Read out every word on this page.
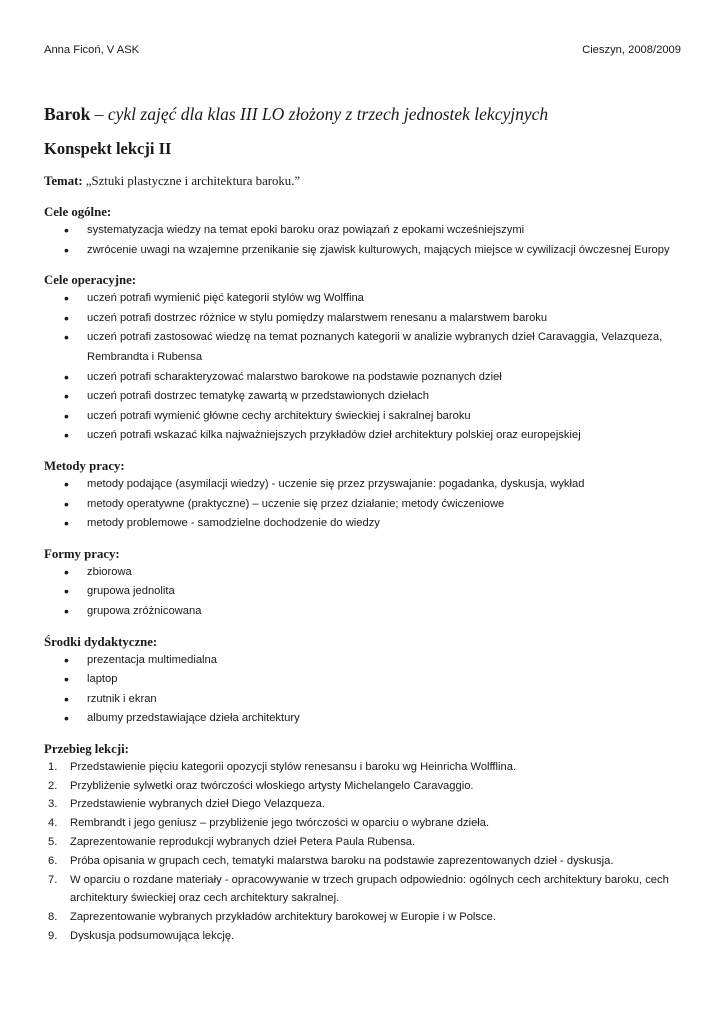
Anna Ficoń, V ASK	Cieszyn, 2008/2009
Barok – cykl zajęć dla klas III LO złożony z trzech jednostek lekcyjnych
Konspekt lekcji II
Temat: „Sztuki plastyczne i architektura baroku.”
Cele ogólne:
• systematyzacja wiedzy na temat epoki baroku oraz powiązań z epokami wcześniejszymi
• zwrócenie uwagi na wzajemne przenikanie się zjawisk kulturowych, mających miejsce w cywilizacji ówczesnej Europy
Cele operacyjne:
• uczeń potrafi wymienić pięć kategorii stylów wg Wolffina
• uczeń potrafi dostrzec różnice w stylu pomiędzy malarstwem renesanu a malarstwem baroku
• uczeń potrafi zastosować wiedzę na temat poznanych kategorii w analizie wybranych dzieł Caravaggia, Velazqueza, Rembrandta i Rubensa
• uczeń potrafi scharakteryzować malarstwo barokowe na podstawie poznanych dzieł
• uczeń potrafi dostrzec tematykę zawartą w przedstawionych dziełach
• uczeń potrafi wymienić główne cechy architektury świeckiej i sakralnej baroku
• uczeń potrafi wskazać kilka najważniejszych przykładów dzieł architektury polskiej oraz europejskiej
Metody pracy:
• metody podające (asymilacji wiedzy) - uczenie się przez przyswajanie: pogadanka, dyskusja, wykład
• metody operatywne (praktyczne) – uczenie się przez działanie; metody ćwiczeniowe
• metody problemowe - samodzielne dochodzenie do wiedzy
Formy pracy:
• zbiorowa
• grupowa jednolita
• grupowa zróżnicowana
Środki dydaktyczne:
• prezentacja multimedialna
• laptop
• rzutnik i ekran
• albumy przedstawiające dzieła architektury
Przebieg lekcji:
1. Przedstawienie pięciu kategorii opozycji stylów renesansu i baroku wg Heinricha Wolfflina.
2. Przybliżenie sylwetki oraz twórczości włoskiego artysty Michelangelo Caravaggio.
3. Przedstawienie wybranych dzieł Diego Velazqueza.
4. Rembrandt i jego geniusz – przybliżenie jego twórczości w oparciu o wybrane dzieła.
5. Zaprezentowanie reprodukcji wybranych dzieł Petera Paula Rubensa.
6. Próba opisania w grupach cech, tematyki malarstwa baroku na podstawie zaprezentowanych dzieł - dyskusja.
7. W oparciu o rozdane materiały - opracowywanie w trzech grupach odpowiednio: ogólnych cech architektury baroku, cech architektury świeckiej oraz cech architektury sakralnej.
8. Zaprezentowanie wybranych przykładów architektury barokowej w Europie i w Polsce.
9. Dyskusja podsumowująca lekcję.
